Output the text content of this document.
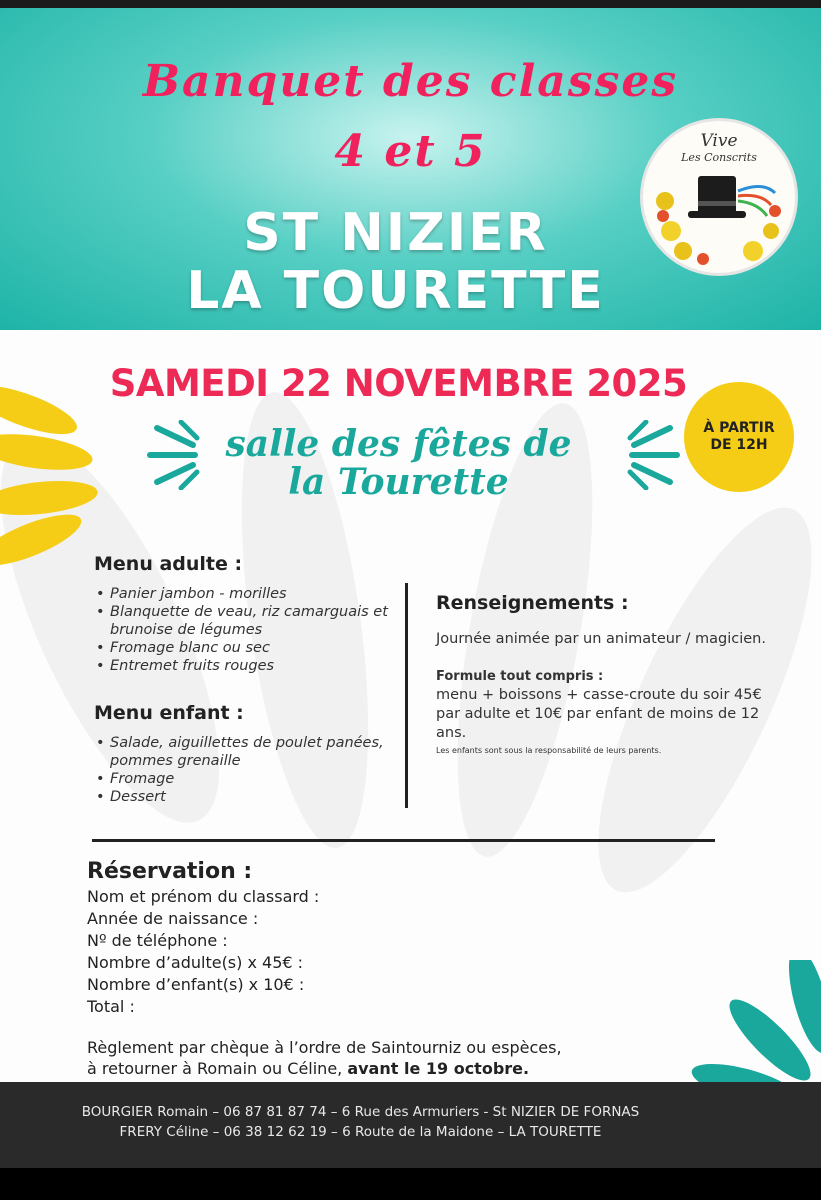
Banquet des classes
4 et 5
ST NIZIER
LA TOURETTE
Vive
Les Conscrits
SAMEDI 22 NOVEMBRE 2025
salle des fêtes de
la Tourette
À PARTIR
DE 12H
Menu adulte :
• Panier jambon - morilles
• Blanquette de veau, riz camarguais et brunoise de légumes
• Fromage blanc ou sec
• Entremet fruits rouges
Menu enfant :
• Salade, aiguillettes de poulet panées, pommes grenaille
• Fromage
• Dessert
Renseignements :

Journée animée par un animateur / magicien.

Formule tout compris :

menu + boissons + casse-croute du soir 45€ par adulte et 10€ par enfant de moins de 12 ans.

Les enfants sont sous la responsabilité de leurs parents.

Réservation :
Nom et prénom du classard :
Année de naissance :
Nº de téléphone :
Nombre d’adulte(s) x 45€ :
Nombre d’enfant(s) x 10€ :
Total :
Règlement par chèque à l’ordre de Saintourniz ou espèces,
à retourner à Romain ou Céline, avant le 19 octobre.
BOURGIER Romain – 06 87 81 87 74 – 6 Rue des Armuriers - St NIZIER DE FORNAS
FRERY Céline – 06 38 12 62 19 – 6 Route de la Maidone – LA TOURETTE
